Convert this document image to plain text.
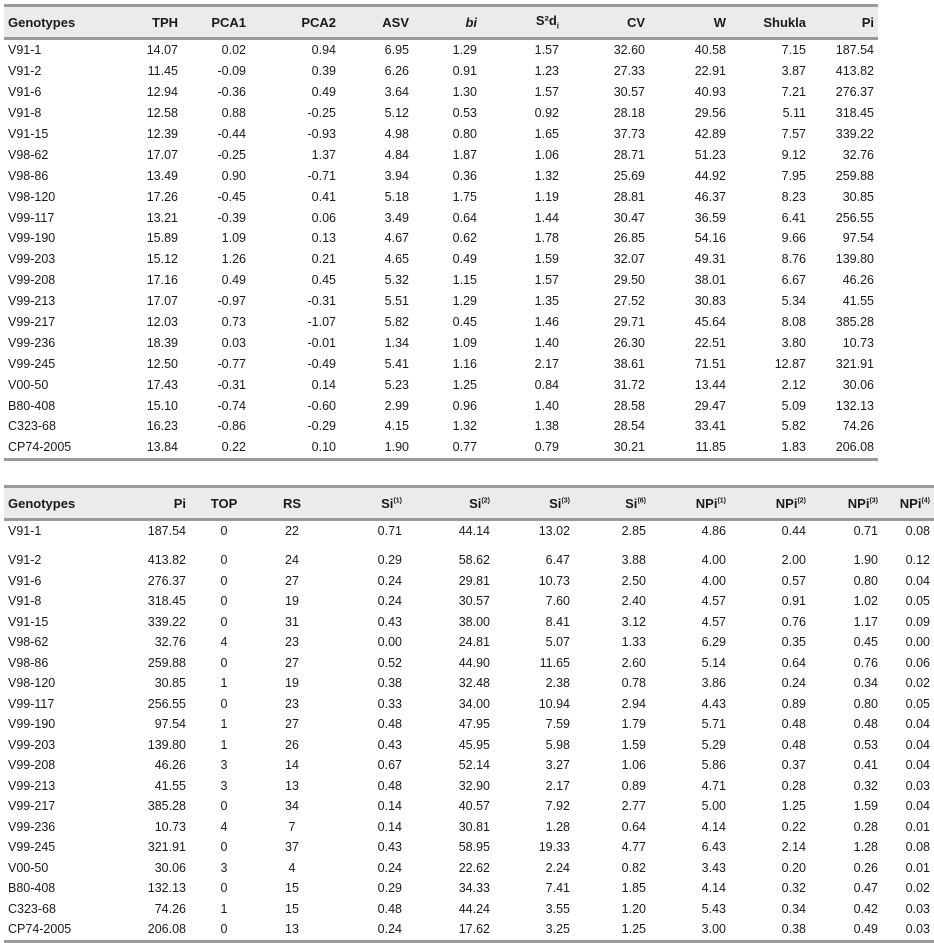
Genotypes	TPH	PCA1	PCA2	ASV	bi	$S^2d_i$	CV	W	Shukla	Pi
V91-1	14.07	0.02	0.94	6.95	1.29	1.57	32.60	40.58	7.15	187.54
V91-2	11.45	-0.09	0.39	6.26	0.91	1.23	27.33	22.91	3.87	413.82
V91-6	12.94	-0.36	0.49	3.64	1.30	1.57	30.57	40.93	7.21	276.37
V91-8	12.58	0.88	-0.25	5.12	0.53	0.92	28.18	29.56	5.11	318.45
V91-15	12.39	-0.44	-0.93	4.98	0.80	1.65	37.73	42.89	7.57	339.22
V98-62	17.07	-0.25	1.37	4.84	1.87	1.06	28.71	51.23	9.12	32.76
V98-86	13.49	0.90	-0.71	3.94	0.36	1.32	25.69	44.92	7.95	259.88
V98-120	17.26	-0.45	0.41	5.18	1.75	1.19	28.81	46.37	8.23	30.85
V99-117	13.21	-0.39	0.06	3.49	0.64	1.44	30.47	36.59	6.41	256.55
V99-190	15.89	1.09	0.13	4.67	0.62	1.78	26.85	54.16	9.66	97.54
V99-203	15.12	1.26	0.21	4.65	0.49	1.59	32.07	49.31	8.76	139.80
V99-208	17.16	0.49	0.45	5.32	1.15	1.57	29.50	38.01	6.67	46.26
V99-213	17.07	-0.97	-0.31	5.51	1.29	1.35	27.52	30.83	5.34	41.55
V99-217	12.03	0.73	-1.07	5.82	0.45	1.46	29.71	45.64	8.08	385.28
V99-236	18.39	0.03	-0.01	1.34	1.09	1.40	26.30	22.51	3.80	10.73
V99-245	12.50	-0.77	-0.49	5.41	1.16	2.17	38.61	71.51	12.87	321.91
V00-50	17.43	-0.31	0.14	5.23	1.25	0.84	31.72	13.44	2.12	30.06
B80-408	15.10	-0.74	-0.60	2.99	0.96	1.40	28.58	29.47	5.09	132.13
C323-68	16.23	-0.86	-0.29	4.15	1.32	1.38	28.54	33.41	5.82	74.26
CP74-2005	13.84	0.22	0.10	1.90	0.77	0.79	30.21	11.85	1.83	206.08
Genotypes	Pi	TOP	RS	Si$^{(1)}$	Si$^{(2)}$	Si$^{(3)}$	Si$^{(6)}$	NPi$^{(1)}$	NPi$^{(2)}$	NPi$^{(3)}$	NPi$^{(4)}$
V91-1	187.54	0	22	0.71	44.14	13.02	2.85	4.86	0.44	0.71	0.08
V91-2	413.82	0	24	0.29	58.62	6.47	3.88	4.00	2.00	1.90	0.12
V91-6	276.37	0	27	0.24	29.81	10.73	2.50	4.00	0.57	0.80	0.04
V91-8	318.45	0	19	0.24	30.57	7.60	2.40	4.57	0.91	1.02	0.05
V91-15	339.22	0	31	0.43	38.00	8.41	3.12	4.57	0.76	1.17	0.09
V98-62	32.76	4	23	0.00	24.81	5.07	1.33	6.29	0.35	0.45	0.00
V98-86	259.88	0	27	0.52	44.90	11.65	2.60	5.14	0.64	0.76	0.06
V98-120	30.85	1	19	0.38	32.48	2.38	0.78	3.86	0.24	0.34	0.02
V99-117	256.55	0	23	0.33	34.00	10.94	2.94	4.43	0.89	0.80	0.05
V99-190	97.54	1	27	0.48	47.95	7.59	1.79	5.71	0.48	0.48	0.04
V99-203	139.80	1	26	0.43	45.95	5.98	1.59	5.29	0.48	0.53	0.04
V99-208	46.26	3	14	0.67	52.14	3.27	1.06	5.86	0.37	0.41	0.04
V99-213	41.55	3	13	0.48	32.90	2.17	0.89	4.71	0.28	0.32	0.03
V99-217	385.28	0	34	0.14	40.57	7.92	2.77	5.00	1.25	1.59	0.04
V99-236	10.73	4	7	0.14	30.81	1.28	0.64	4.14	0.22	0.28	0.01
V99-245	321.91	0	37	0.43	58.95	19.33	4.77	6.43	2.14	1.28	0.08
V00-50	30.06	3	4	0.24	22.62	2.24	0.82	3.43	0.20	0.26	0.01
B80-408	132.13	0	15	0.29	34.33	7.41	1.85	4.14	0.32	0.47	0.02
C323-68	74.26	1	15	0.48	44.24	3.55	1.20	5.43	0.34	0.42	0.03
CP74-2005	206.08	0	13	0.24	17.62	3.25	1.25	3.00	0.38	0.49	0.03
